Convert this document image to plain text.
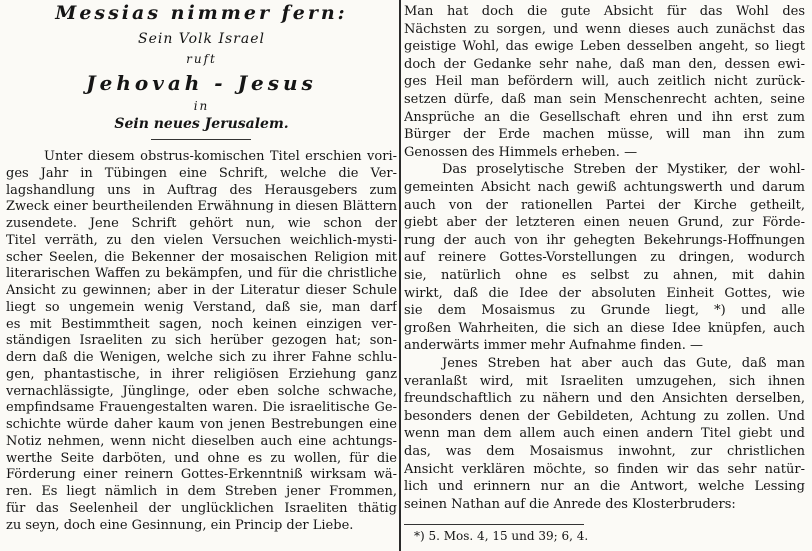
Messias nimmer fern:
Sein Volk Israel
ruft
Jehovah - Jesus
in
Sein neues Jerusalem.
Unter diesem obstrus-komischen Titel erschien vori-
ges Jahr in Tübingen eine Schrift, welche die Ver-
lagshandlung uns in Auftrag des Herausgebers zum
Zweck einer beurtheilenden Erwähnung in diesen Blättern
zusendete. Jene Schrift gehört nun, wie schon der
Titel verräth, zu den vielen Versuchen weichlich-mysti-
scher Seelen, die Bekenner der mosaischen Religion mit
literarischen Waffen zu bekämpfen, und für die christliche
Ansicht zu gewinnen; aber in der Literatur dieser Schule
liegt so ungemein wenig Verstand, daß sie, man darf
es mit Bestimmtheit sagen, noch keinen einzigen ver-
ständigen Israeliten zu sich herüber gezogen hat; son-
dern daß die Wenigen, welche sich zu ihrer Fahne schlu-
gen, phantastische, in ihrer religiösen Erziehung ganz
vernachlässigte, Jünglinge, oder eben solche schwache,
empfindsame Frauengestalten waren. Die israelitische Ge-
schichte würde daher kaum von jenen Bestrebungen eine
Notiz nehmen, wenn nicht dieselben auch eine achtungs-
werthe Seite darböten, und ohne es zu wollen, für die
Förderung einer reinern Gottes-Erkenntniß wirksam wä-
ren. Es liegt nämlich in dem Streben jener Frommen,
für das Seelenheil der unglücklichen Israeliten thätig
zu seyn, doch eine Gesinnung, ein Princip der Liebe.
Man hat doch die gute Absicht für das Wohl des
Nächsten zu sorgen, und wenn dieses auch zunächst das
geistige Wohl, das ewige Leben desselben angeht, so liegt
doch der Gedanke sehr nahe, daß man den, dessen ewi-
ges Heil man befördern will, auch zeitlich nicht zurück-
setzen dürfe, daß man sein Menschenrecht achten, seine
Ansprüche an die Gesellschaft ehren und ihn erst zum
Bürger der Erde machen müsse, will man ihn zum
Genossen des Himmels erheben. —
Das proselytische Streben der Mystiker, der wohl-
gemeinten Absicht nach gewiß achtungswerth und darum
auch von der rationellen Partei der Kirche getheilt,
giebt aber der letzteren einen neuen Grund, zur Förde-
rung der auch von ihr gehegten Bekehrungs-Hoffnungen
auf reinere Gottes-Vorstellungen zu dringen, wodurch
sie, natürlich ohne es selbst zu ahnen, mit dahin
wirkt, daß die Idee der absoluten Einheit Gottes, wie
sie dem Mosaismus zu Grunde liegt, *) und alle
großen Wahrheiten, die sich an diese Idee knüpfen, auch
anderwärts immer mehr Aufnahme finden. —
Jenes Streben hat aber auch das Gute, daß man
veranlaßt wird, mit Israeliten umzugehen, sich ihnen
freundschaftlich zu nähern und den Ansichten derselben,
besonders denen der Gebildeten, Achtung zu zollen. Und
wenn man dem allem auch einen andern Titel giebt und
das, was dem Mosaismus inwohnt, zur christlichen
Ansicht verklären möchte, so finden wir das sehr natür-
lich und erinnern nur an die Antwort, welche Lessing
seinen Nathan auf die Anrede des Klosterbruders:
*) 5. Mos. 4, 15 und 39; 6, 4.
